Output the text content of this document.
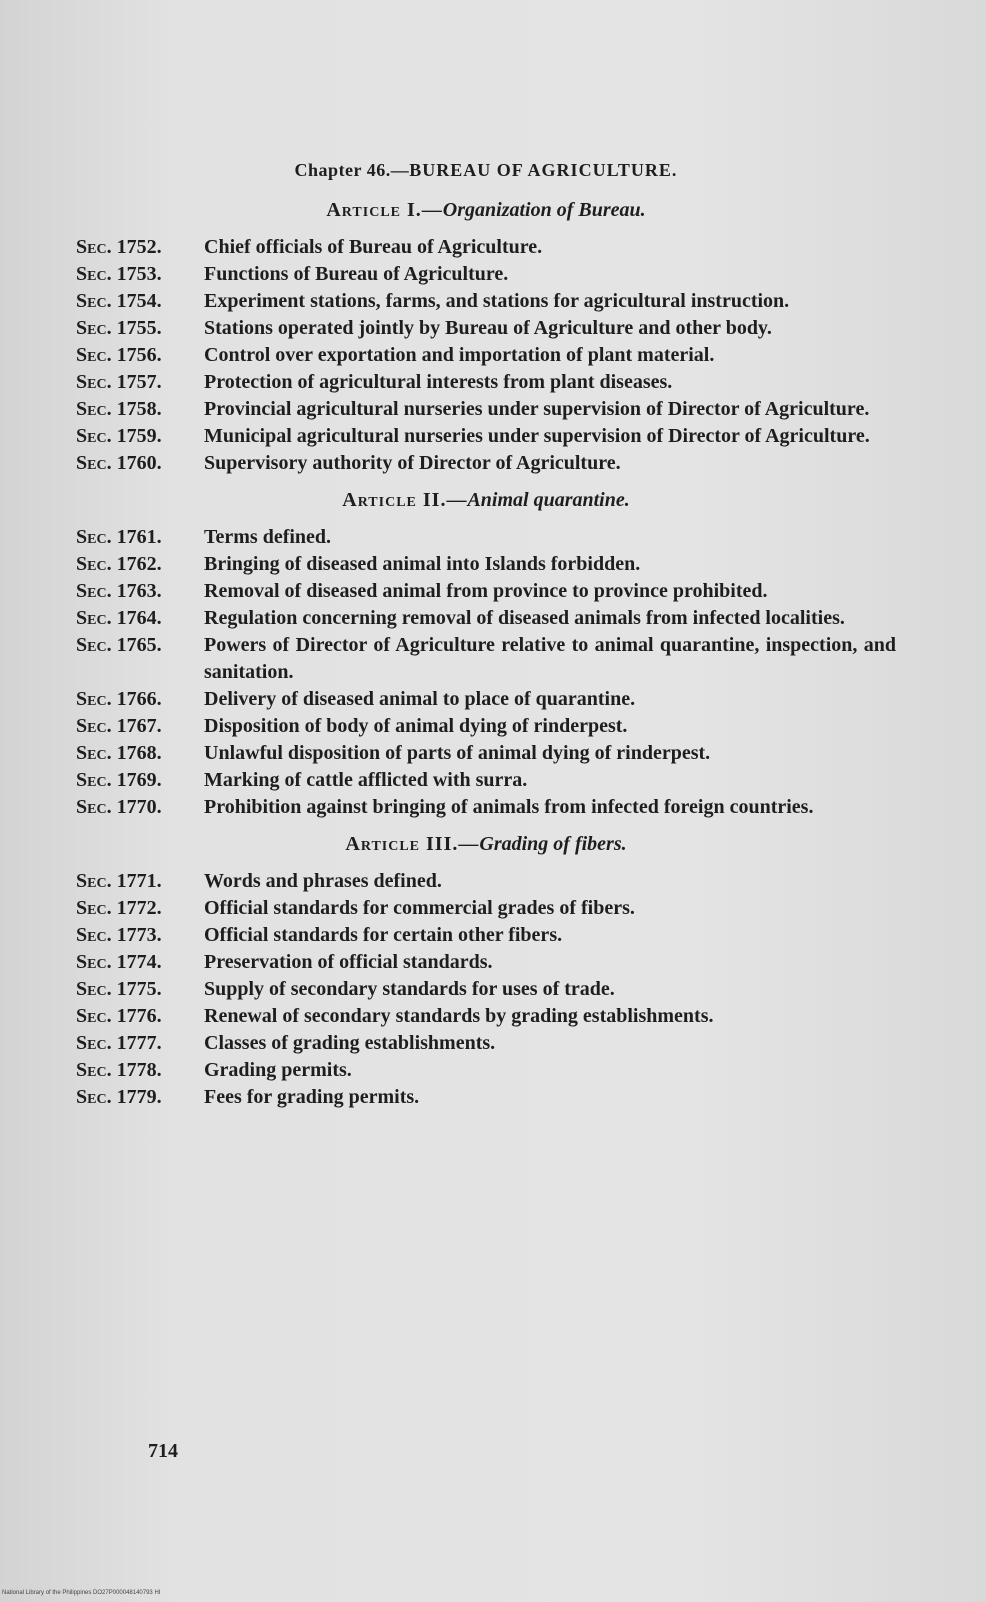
Chapter 46.—BUREAU OF AGRICULTURE.
Article I.—Organization of Bureau.
Sec. 1752.	Chief officials of Bureau of Agriculture.
Sec. 1753.	Functions of Bureau of Agriculture.
Sec. 1754.	Experiment stations, farms, and stations for agricultural instruction.
Sec. 1755.	Stations operated jointly by Bureau of Agriculture and other body.
Sec. 1756.	Control over exportation and importation of plant material.
Sec. 1757.	Protection of agricultural interests from plant diseases.
Sec. 1758.	Provincial agricultural nurseries under supervision of Director of Agriculture.
Sec. 1759.	Municipal agricultural nurseries under supervision of Director of Agriculture.
Sec. 1760.	Supervisory authority of Director of Agriculture.
Article II.—Animal quarantine.
Sec. 1761.	Terms defined.
Sec. 1762.	Bringing of diseased animal into Islands forbidden.
Sec. 1763.	Removal of diseased animal from province to province prohibited.
Sec. 1764.	Regulation concerning removal of diseased animals from infected localities.
Sec. 1765.	Powers of Director of Agriculture relative to animal quarantine, inspection, and sanitation.
Sec. 1766.	Delivery of diseased animal to place of quarantine.
Sec. 1767.	Disposition of body of animal dying of rinderpest.
Sec. 1768.	Unlawful disposition of parts of animal dying of rinderpest.
Sec. 1769.	Marking of cattle afflicted with surra.
Sec. 1770.	Prohibition against bringing of animals from infected foreign countries.
Article III.—Grading of fibers.
Sec. 1771.	Words and phrases defined.
Sec. 1772.	Official standards for commercial grades of fibers.
Sec. 1773.	Official standards for certain other fibers.
Sec. 1774.	Preservation of official standards.
Sec. 1775.	Supply of secondary standards for uses of trade.
Sec. 1776.	Renewal of secondary standards by grading establishments.
Sec. 1777.	Classes of grading establishments.
Sec. 1778.	Grading permits.
Sec. 1779.	Fees for grading permits.
714
National Library of the Philippines DO27P000048140793 HI
